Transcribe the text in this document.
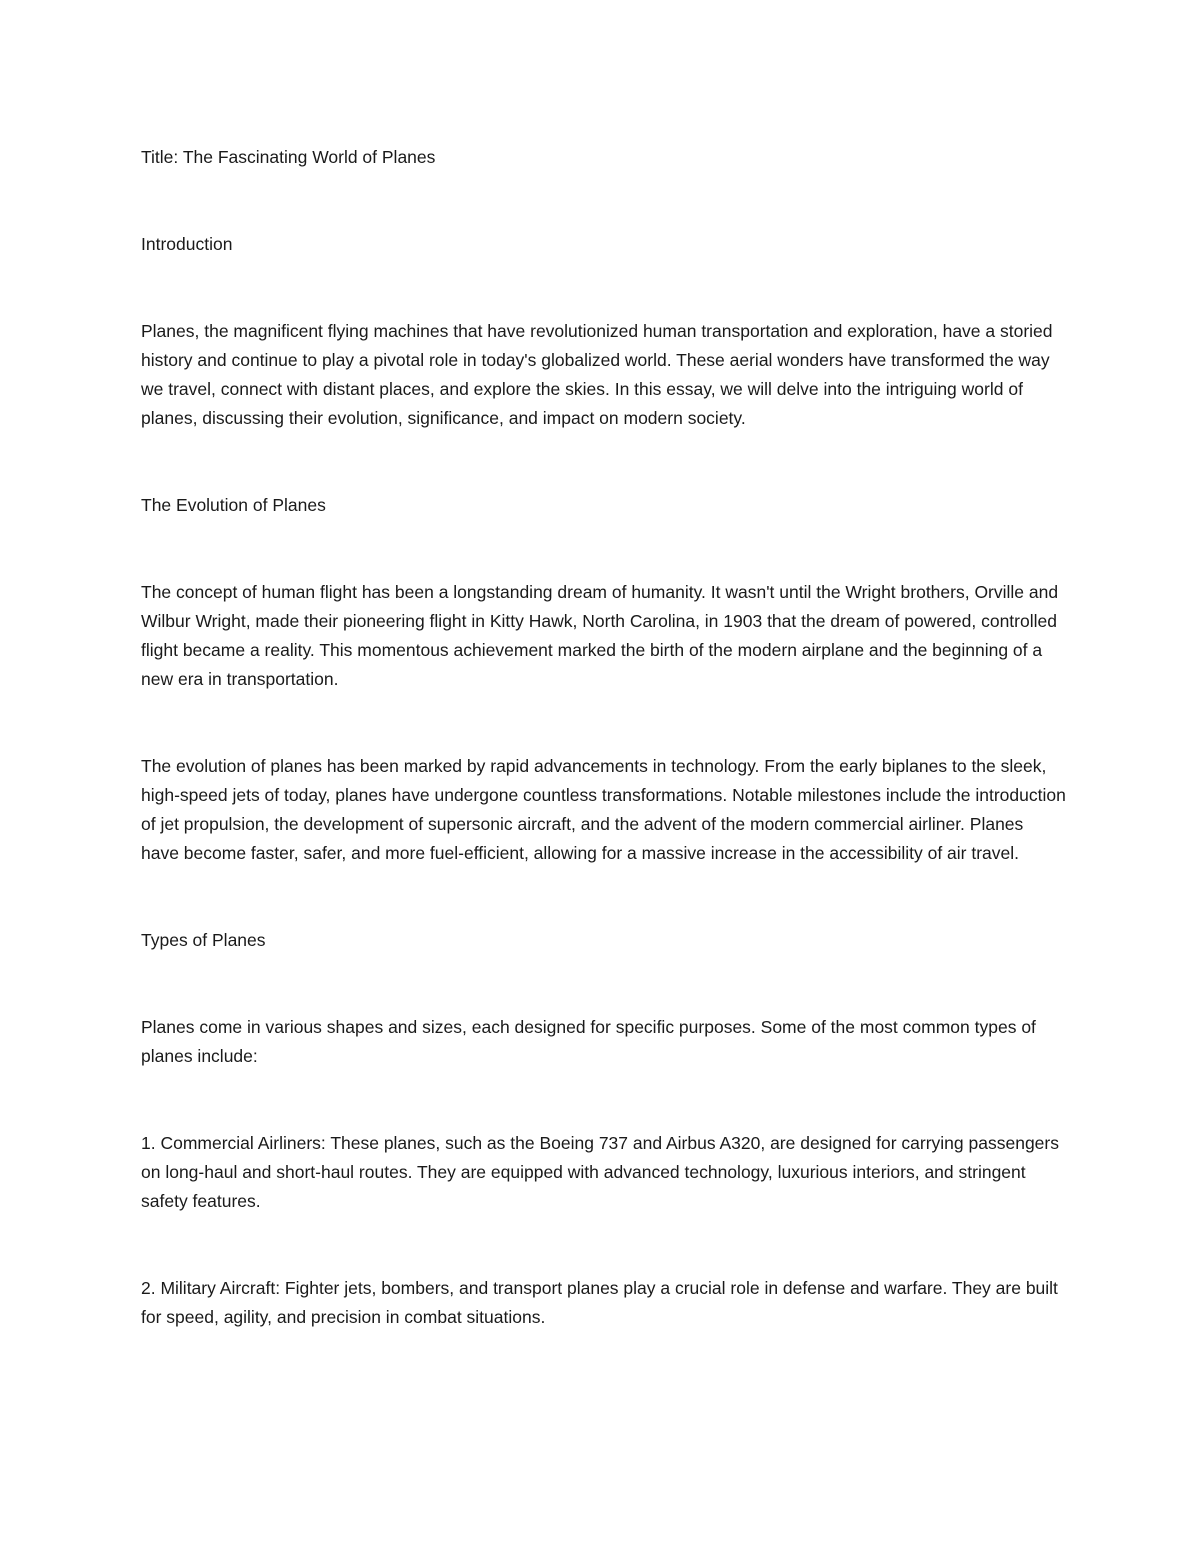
Title: The Fascinating World of Planes

Introduction

Planes, the magnificent flying machines that have revolutionized human transportation and exploration, have a storied history and continue to play a pivotal role in today's globalized world. These aerial wonders have transformed the way we travel, connect with distant places, and explore the skies. In this essay, we will delve into the intriguing world of planes, discussing their evolution, significance, and impact on modern society.

The Evolution of Planes

The concept of human flight has been a longstanding dream of humanity. It wasn't until the Wright brothers, Orville and Wilbur Wright, made their pioneering flight in Kitty Hawk, North Carolina, in 1903 that the dream of powered, controlled flight became a reality. This momentous achievement marked the birth of the modern airplane and the beginning of a new era in transportation.

The evolution of planes has been marked by rapid advancements in technology. From the early biplanes to the sleek, high-speed jets of today, planes have undergone countless transformations. Notable milestones include the introduction of jet propulsion, the development of supersonic aircraft, and the advent of the modern commercial airliner. Planes have become faster, safer, and more fuel-efficient, allowing for a massive increase in the accessibility of air travel.

Types of Planes

Planes come in various shapes and sizes, each designed for specific purposes. Some of the most common types of planes include:

1. Commercial Airliners: These planes, such as the Boeing 737 and Airbus A320, are designed for carrying passengers on long-haul and short-haul routes. They are equipped with advanced technology, luxurious interiors, and stringent safety features.

2. Military Aircraft: Fighter jets, bombers, and transport planes play a crucial role in defense and warfare. They are built for speed, agility, and precision in combat situations.
